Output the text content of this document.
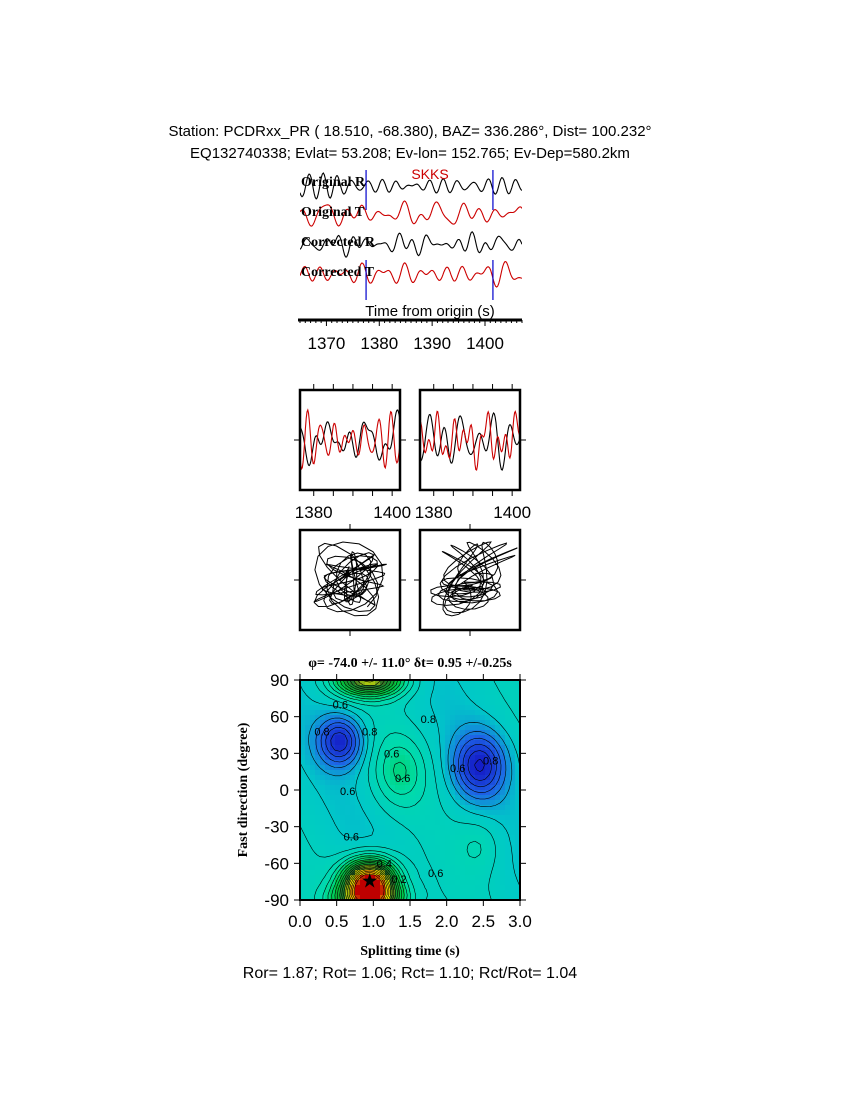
Station: PCDRxx_PR ( 18.510, -68.380), BAZ= 336.286°, Dist= 100.232°
EQ132740338; Evlat= 53.208; Ev-lon= 152.765; Ev-Dep=580.2km
Original R
Original T
Corrected R
Corrected T
SKKS
Time from origin (s)
1370 1380 1390 1400
1380 1400 1380 1400
φ= -74.0 +/- 11.0° δt= 0.95 +/-0.25s
0.6
0.8	0.8
0.8
0.6
0.6
0.6
0.6
0.8
0.6
0.4
0.2
0.6
0.0 0.5 1.0 1.5 2.0 2.5 3.0
90
60
30
0
-30
-60
-90
Splitting time (s)
Fast direction (degree)
★
Ror= 1.87; Rot= 1.06; Rct= 1.10; Rct/Rot= 1.04
